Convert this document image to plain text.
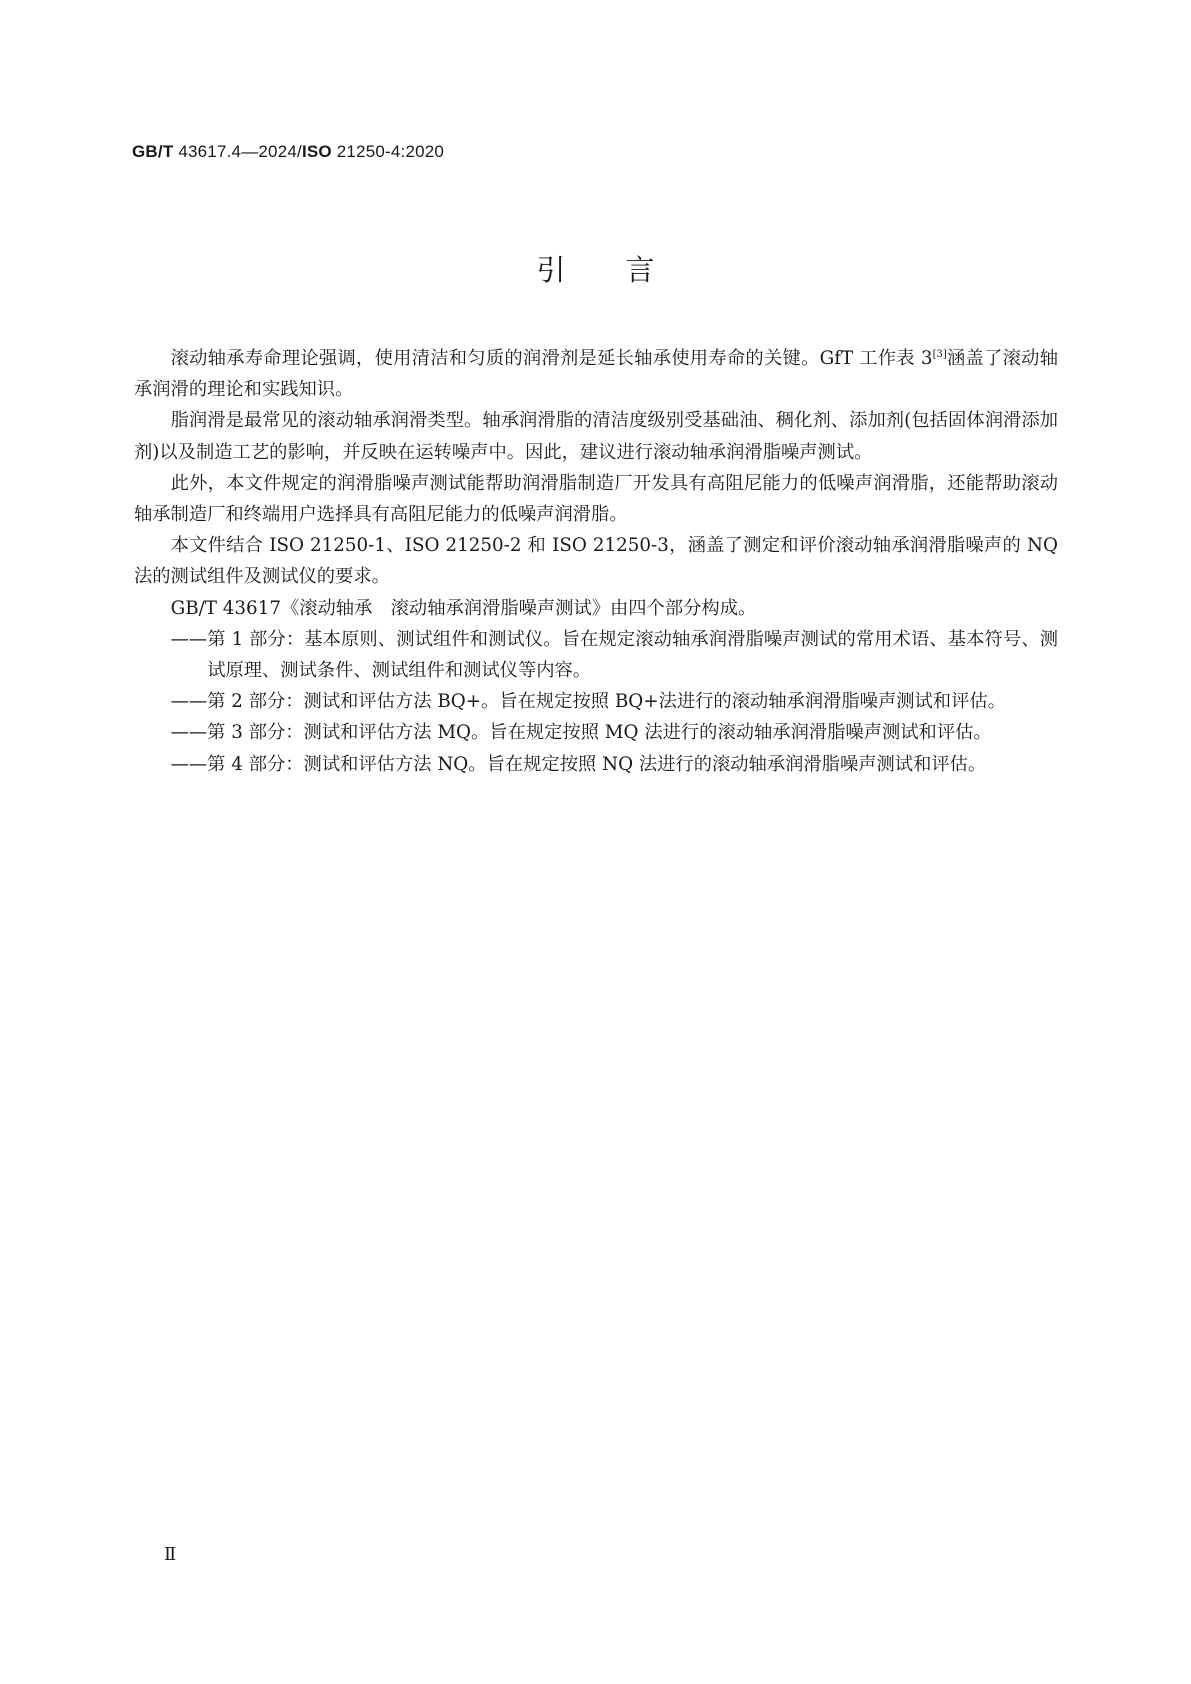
GB/T 43617.4—2024/ISO 21250-4:2020
引言

滚动轴承寿命理论强调，使用清洁和匀质的润滑剂是延长轴承使用寿命的关键。GfT 工作表 3[3]涵盖了滚动轴承润滑的理论和实践知识。

脂润滑是最常见的滚动轴承润滑类型。轴承润滑脂的清洁度级别受基础油、稠化剂、添加剂(包括固体润滑添加剂)以及制造工艺的影响，并反映在运转噪声中。因此，建议进行滚动轴承润滑脂噪声测试。

此外，本文件规定的润滑脂噪声测试能帮助润滑脂制造厂开发具有高阻尼能力的低噪声润滑脂，还能帮助滚动轴承制造厂和终端用户选择具有高阻尼能力的低噪声润滑脂。

本文件结合 ISO 21250-1、ISO 21250-2 和 ISO 21250-3，涵盖了测定和评价滚动轴承润滑脂噪声的 NQ 法的测试组件及测试仪的要求。

GB/T 43617《滚动轴承　滚动轴承润滑脂噪声测试》由四个部分构成。

——第 1 部分：基本原则、测试组件和测试仪。旨在规定滚动轴承润滑脂噪声测试的常用术语、基本符号、测试原理、测试条件、测试组件和测试仪等内容。
——第 2 部分：测试和评估方法 BQ+。旨在规定按照 BQ+法进行的滚动轴承润滑脂噪声测试和评估。
——第 3 部分：测试和评估方法 MQ。旨在规定按照 MQ 法进行的滚动轴承润滑脂噪声测试和评估。
——第 4 部分：测试和评估方法 NQ。旨在规定按照 NQ 法进行的滚动轴承润滑脂噪声测试和评估。
Ⅱ
